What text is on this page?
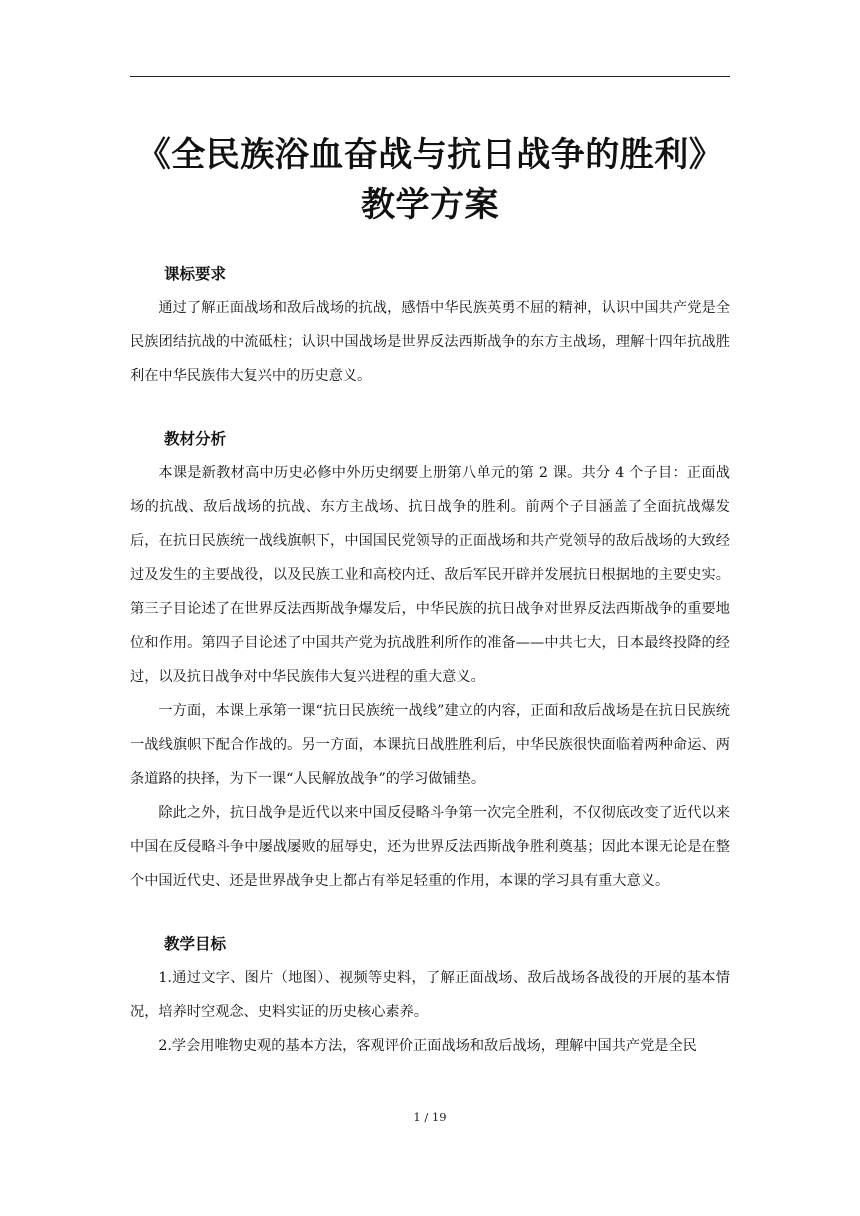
《全民族浴血奋战与抗日战争的胜利》
教学方案
课标要求

通过了解正面战场和敌后战场的抗战，感悟中华民族英勇不屈的精神，认识中国共产党是全民族团结抗战的中流砥柱；认识中国战场是世界反法西斯战争的东方主战场，理解十四年抗战胜利在中华民族伟大复兴中的历史意义。

教材分析

本课是新教材高中历史必修中外历史纲要上册第八单元的第 2 课。共分 4 个子目：正面战场的抗战、敌后战场的抗战、东方主战场、抗日战争的胜利。前两个子目涵盖了全面抗战爆发后，在抗日民族统一战线旗帜下，中国国民党领导的正面战场和共产党领导的敌后战场的大致经过及发生的主要战役，以及民族工业和高校内迁、敌后军民开辟并发展抗日根据地的主要史实。第三子目论述了在世界反法西斯战争爆发后，中华民族的抗日战争对世界反法西斯战争的重要地位和作用。第四子目论述了中国共产党为抗战胜利所作的准备——中共七大，日本最终投降的经过，以及抗日战争对中华民族伟大复兴进程的重大意义。

一方面，本课上承第一课“抗日民族统一战线”建立的内容，正面和敌后战场是在抗日民族统一战线旗帜下配合作战的。另一方面，本课抗日战胜胜利后，中华民族很快面临着两种命运、两条道路的抉择，为下一课“人民解放战争”的学习做铺垫。

除此之外，抗日战争是近代以来中国反侵略斗争第一次完全胜利，不仅彻底改变了近代以来中国在反侵略斗争中屡战屡败的屈辱史，还为世界反法西斯战争胜利奠基；因此本课无论是在整个中国近代史、还是世界战争史上都占有举足轻重的作用，本课的学习具有重大意义。

教学目标

1.通过文字、图片（地图）、视频等史料，了解正面战场、敌后战场各战役的开展的基本情况，培养时空观念、史料实证的历史核心素养。

2.学会用唯物史观的基本方法，客观评价正面战场和敌后战场，理解中国共产党是全民

1 / 19
